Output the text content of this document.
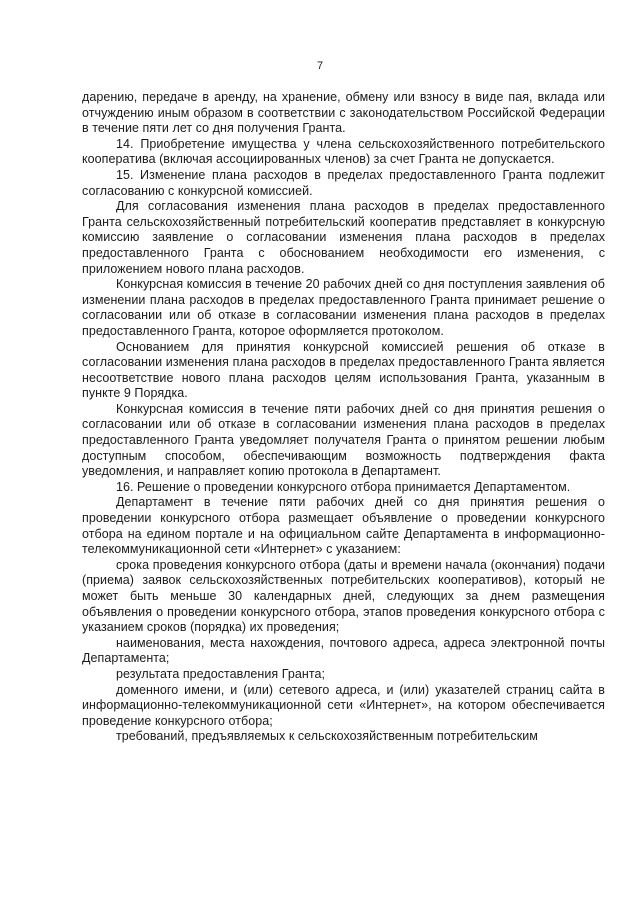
7

дарению, передаче в аренду, на хранение, обмену или взносу в виде пая, вклада или отчуждению иным образом в соответствии с законодательством Российской Федерации в течение пяти лет со дня получения Гранта.

14. Приобретение имущества у члена сельскохозяйственного потребительского кооператива (включая ассоциированных членов) за счет Гранта не допускается.

15. Изменение плана расходов в пределах предоставленного Гранта подлежит согласованию с конкурсной комиссией.

Для согласования изменения плана расходов в пределах предоставленного Гранта сельскохозяйственный потребительский кооператив представляет в конкурсную комиссию заявление о согласовании изменения плана расходов в пределах предоставленного Гранта с обоснованием необходимости его изменения, с приложением нового плана расходов.

Конкурсная комиссия в течение 20 рабочих дней со дня поступления заявления об изменении плана расходов в пределах предоставленного Гранта принимает решение о согласовании или об отказе в согласовании изменения плана расходов в пределах предоставленного Гранта, которое оформляется протоколом.

Основанием для принятия конкурсной комиссией решения об отказе в согласовании изменения плана расходов в пределах предоставленного Гранта является несоответствие нового плана расходов целям использования Гранта, указанным в пункте 9 Порядка.

Конкурсная комиссия в течение пяти рабочих дней со дня принятия решения о согласовании или об отказе в согласовании изменения плана расходов в пределах предоставленного Гранта уведомляет получателя Гранта о принятом решении любым доступным способом, обеспечивающим возможность подтверждения факта уведомления, и направляет копию протокола в Департамент.

16. Решение о проведении конкурсного отбора принимается Департаментом.

Департамент в течение пяти рабочих дней со дня принятия решения о проведении конкурсного отбора размещает объявление о проведении конкурсного отбора на едином портале и на официальном сайте Департамента в информационно-телекоммуникационной сети «Интернет» с указанием:

срока проведения конкурсного отбора (даты и времени начала (окончания) подачи (приема) заявок сельскохозяйственных потребительских кооперативов), который не может быть меньше 30 календарных дней, следующих за днем размещения объявления о проведении конкурсного отбора, этапов проведения конкурсного отбора с указанием сроков (порядка) их проведения;

наименования, места нахождения, почтового адреса, адреса электронной почты Департамента;

результата предоставления Гранта;

доменного имени, и (или) сетевого адреса, и (или) указателей страниц сайта в информационно-телекоммуникационной сети «Интернет», на котором обеспечивается проведение конкурсного отбора;

требований, предъявляемых к сельскохозяйственным потребительским
